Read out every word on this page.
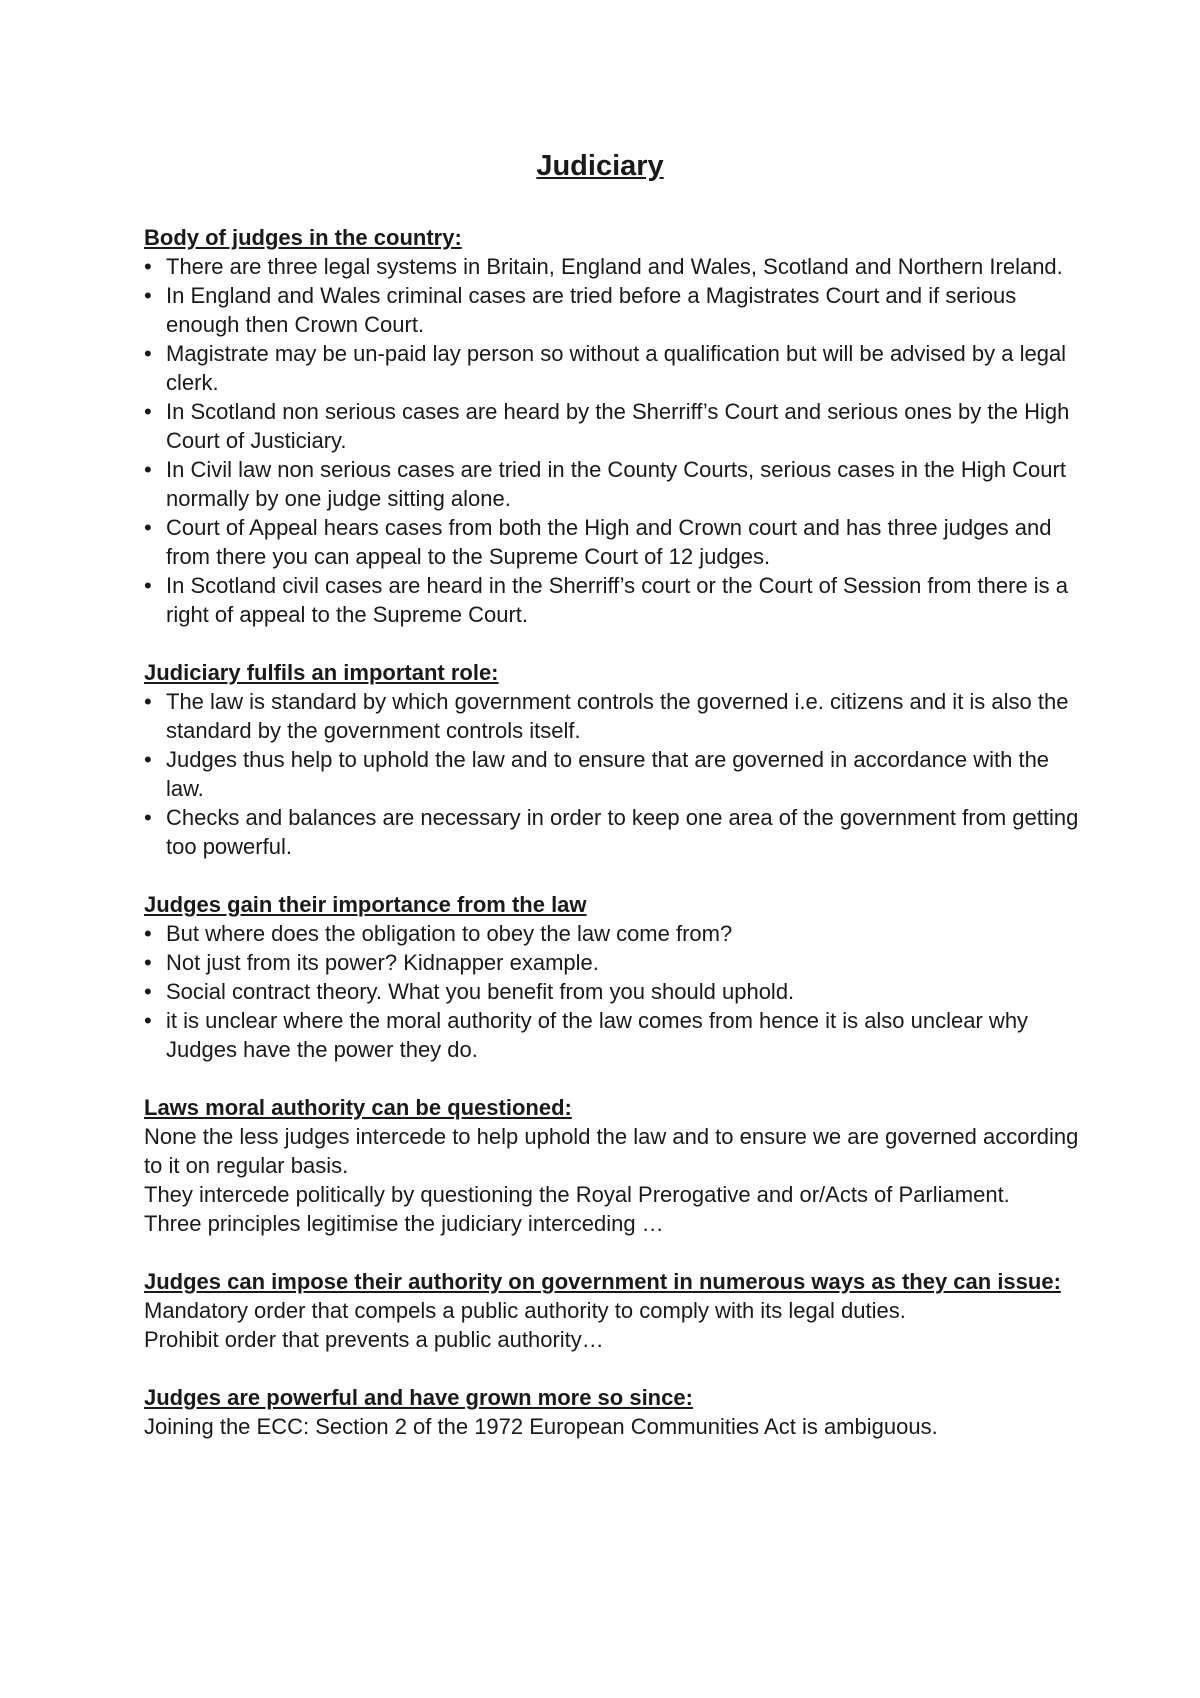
Judiciary
Body of judges in the country:
• There are three legal systems in Britain, England and Wales, Scotland and Northern Ireland.
• In England and Wales criminal cases are tried before a Magistrates Court and if serious enough then Crown Court.
• Magistrate may be un-paid lay person so without a qualification but will be advised by a legal clerk.
• In Scotland non serious cases are heard by the Sherriff’s Court and serious ones by the High Court of Justiciary.
• In Civil law non serious cases are tried in the County Courts, serious cases in the High Court normally by one judge sitting alone.
• Court of Appeal hears cases from both the High and Crown court and has three judges and from there you can appeal to the Supreme Court of 12 judges.
• In Scotland civil cases are heard in the Sherriff’s court or the Court of Session from there is a right of appeal to the Supreme Court.
Judiciary fulfils an important role:
• The law is standard by which government controls the governed i.e. citizens and it is also the standard by the government controls itself.
• Judges thus help to uphold the law and to ensure that are governed in accordance with the law.
• Checks and balances are necessary in order to keep one area of the government from getting too powerful.
Judges gain their importance from the law
• But where does the obligation to obey the law come from?
• Not just from its power? Kidnapper example.
• Social contract theory. What you benefit from you should uphold.
• it is unclear where the moral authority of the law comes from hence it is also unclear why Judges have the power they do.
Laws moral authority can be questioned:

None the less judges intercede to help uphold the law and to ensure we are governed according to it on regular basis.

They intercede politically by questioning the Royal Prerogative and or/Acts of Parliament.

Three principles legitimise the judiciary interceding …

Judges can impose their authority on government in numerous ways as they can issue:

Mandatory order that compels a public authority to comply with its legal duties.

Prohibit order that prevents a public authority…

Judges are powerful and have grown more so since:

Joining the ECC: Section 2 of the 1972 European Communities Act is ambiguous.
